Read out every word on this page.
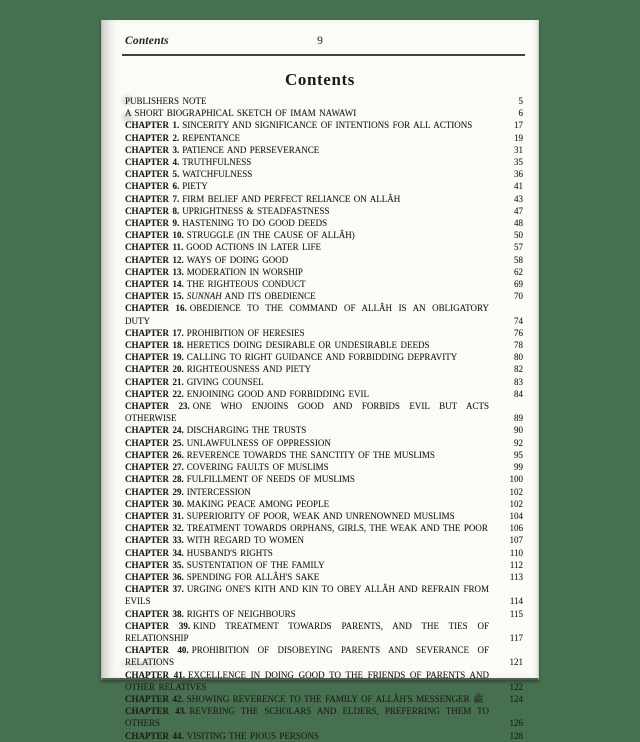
Contents	9
Contents
PUBLISHERS NOTE	5
A SHORT BIOGRAPHICAL SKETCH OF IMAM NAWAWI	6
CHAPTER 1. SINCERITY AND SIGNIFICANCE OF INTENTIONS FOR ALL ACTIONS	17
CHAPTER 2. REPENTANCE	19
CHAPTER 3. PATIENCE AND PERSEVERANCE	31
CHAPTER 4. TRUTHFULNESS	35
CHAPTER 5. WATCHFULNESS	36
CHAPTER 6. PIETY	41
CHAPTER 7. FIRM BELIEF AND PERFECT RELIANCE ON ALLÂH	43
CHAPTER 8. UPRIGHTNESS & STEADFASTNESS	47
CHAPTER 9. HASTENING TO DO GOOD DEEDS	48
CHAPTER 10. STRUGGLE (IN THE CAUSE OF ALLÂH)	50
CHAPTER 11. GOOD ACTIONS IN LATER LIFE	57
CHAPTER 12. WAYS OF DOING GOOD	58
CHAPTER 13. MODERATION IN WORSHIP	62
CHAPTER 14. THE RIGHTEOUS CONDUCT	69
CHAPTER 15. SUNNAH AND ITS OBEDIENCE	70
CHAPTER 16. OBEDIENCE TO THE COMMAND OF ALLÂH IS AN OBLIGATORY DUTY	74
CHAPTER 17. PROHIBITION OF HERESIES	76
CHAPTER 18. HERETICS DOING DESIRABLE OR UNDESIRABLE DEEDS	78
CHAPTER 19. CALLING TO RIGHT GUIDANCE AND FORBIDDING DEPRAVITY	80
CHAPTER 20. RIGHTEOUSNESS AND PIETY	82
CHAPTER 21. GIVING COUNSEL	83
CHAPTER 22. ENJOINING GOOD AND FORBIDDING EVIL	84
CHAPTER 23. ONE WHO ENJOINS GOOD AND FORBIDS EVIL BUT ACTS OTHERWISE	89
CHAPTER 24. DISCHARGING THE TRUSTS	90
CHAPTER 25. UNLAWFULNESS OF OPPRESSION	92
CHAPTER 26. REVERENCE TOWARDS THE SANCTITY OF THE MUSLIMS	95
CHAPTER 27. COVERING FAULTS OF MUSLIMS	99
CHAPTER 28. FULFILLMENT OF NEEDS OF MUSLIMS	100
CHAPTER 29. INTERCESSION	102
CHAPTER 30. MAKING PEACE AMONG PEOPLE	102
CHAPTER 31. SUPERIORITY OF POOR, WEAK AND UNRENOWNED MUSLIMS	104
CHAPTER 32. TREATMENT TOWARDS ORPHANS, GIRLS, THE WEAK AND THE POOR	106
CHAPTER 33. WITH REGARD TO WOMEN	107
CHAPTER 34. HUSBAND'S RIGHTS	110
CHAPTER 35. SUSTENTATION OF THE FAMILY	112
CHAPTER 36. SPENDING FOR ALLÂH'S SAKE	113
CHAPTER 37. URGING ONE'S KITH AND KIN TO OBEY ALLÂH AND REFRAIN FROM EVILS	114
CHAPTER 38. RIGHTS OF NEIGHBOURS	115
CHAPTER 39. KIND TREATMENT TOWARDS PARENTS, AND THE TIES OF RELATIONSHIP	117
CHAPTER 40. PROHIBITION OF DISOBEYING PARENTS AND SEVERANCE OF RELATIONS	121
CHAPTER 41. EXCELLENCE IN DOING GOOD TO THE FRIENDS OF PARENTS AND OTHER RELATIVES	122
CHAPTER 42. SHOWING REVERENCE TO THE FAMILY OF ALLÂH'S MESSENGER ﷺ	124
CHAPTER 43. REVERING THE SCHOLARS AND ELDERS, PREFERRING THEM TO OTHERS	126
CHAPTER 44. VISITING THE PIOUS PERSONS	128
